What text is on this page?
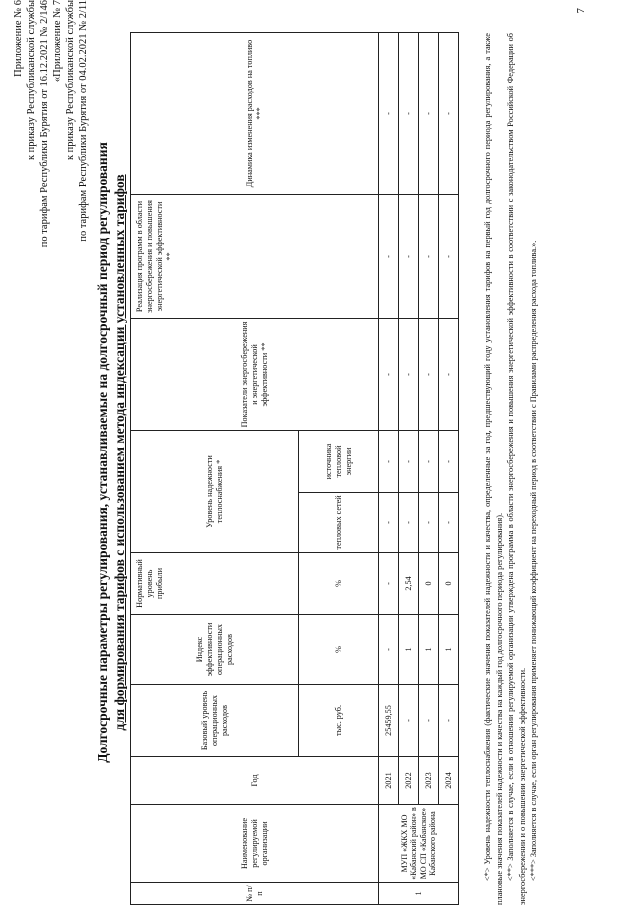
Приложение № 6 к приказу Республиканской службы по тарифам Республики Бурятия от 16.12.2021 № 2/146 «Приложение № 7 к приказу Республиканской службы по тарифам Республики Бурятия от 04.02.2021 № 2/11
Долгосрочные параметры регулирования, устанавливаемые на долгосрочный период регулирования для формирования тарифов с использованием метода индексации установленных тарифов
№ п/п	Наименование регулируемой организации	Год	Базовый уровень операционных расходов	Индекс эффективности операционных расходов	Нормативный уровень прибыли	Уровень надежности теплоснабжения *		Показатели энергосбережения и энергетической эффективности **	Реализация программ в области энергосбережения и повышения энергетической эффективности **	Динамика изменения расходов на топливо ***
			тыс. руб.	%	%	тепловых сетей	источника тепловой энергии			
1	МУП «ЖКХ МО «Кабанский район» в МО СП «Кабанское» Кабанского района	2021	25459,55	-	-	-	-	-	-	-
		2022	-	1	2,54	-	-	-	-	-
		2023	-	1	0	-	-	-	-	-
		2024	-	1	0	-	-	-	-	-	<*> Уровень надежности теплоснабжения (фактические значения показателей надежности и качества, определенные за год, предшествующий году установления тарифов на первый год долгосрочного периода регулирования, а также плановые значения показателей надежности и качества на каждый год долгосрочного периода регулирования). <**> Заполняется в случае, если в отношении регулируемой организации утверждена программа в области энергосбережения и повышения энергетической эффективности в соответствии с законодательством Российской Федерации об энергосбережении и о повышении энергетической эффективности. <***> Заполняется в случае, если орган регулирования применяет понижающий коэффициент на переходный период в соответствии с Правилами распределения расхода топлива.».

7
